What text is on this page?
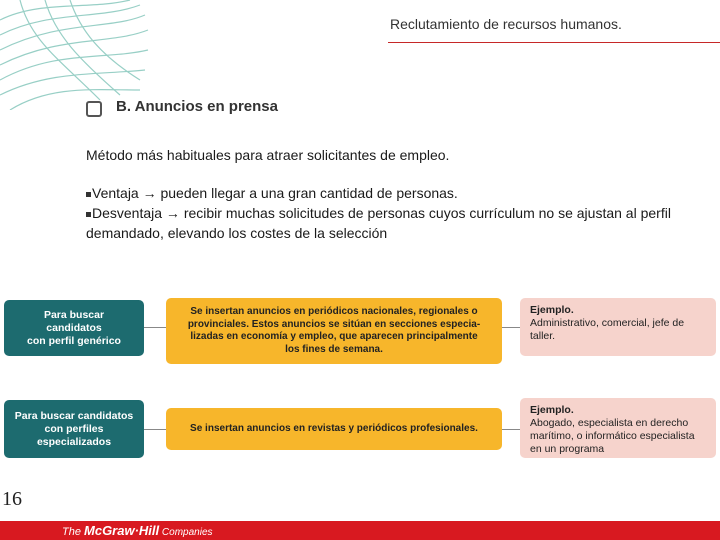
Reclutamiento de recursos humanos.
B. Anuncios en prensa
Método más habituales para atraer solicitantes de empleo.
Ventaja → pueden llegar a una gran cantidad de personas.
Desventaja → recibir muchas solicitudes de personas cuyos currículum no se ajustan al perfil demandado, elevando los costes de la selección
Para buscar
candidatos
con perfil genérico
Se insertan anuncios en periódicos nacionales, regionales o
provinciales. Estos anuncios se sitúan en secciones especia-
lizadas en economía y empleo, que aparecen principalmente
los fines de semana.
Ejemplo.
Administrativo, comercial, jefe de taller.
Para buscar candidatos
con perfiles
especializados
Se insertan anuncios en revistas y periódicos profesionales.
Ejemplo.
Abogado, especialista en derecho marítimo, o informático especialista en un programa
16
The McGraw·Hill Companies
